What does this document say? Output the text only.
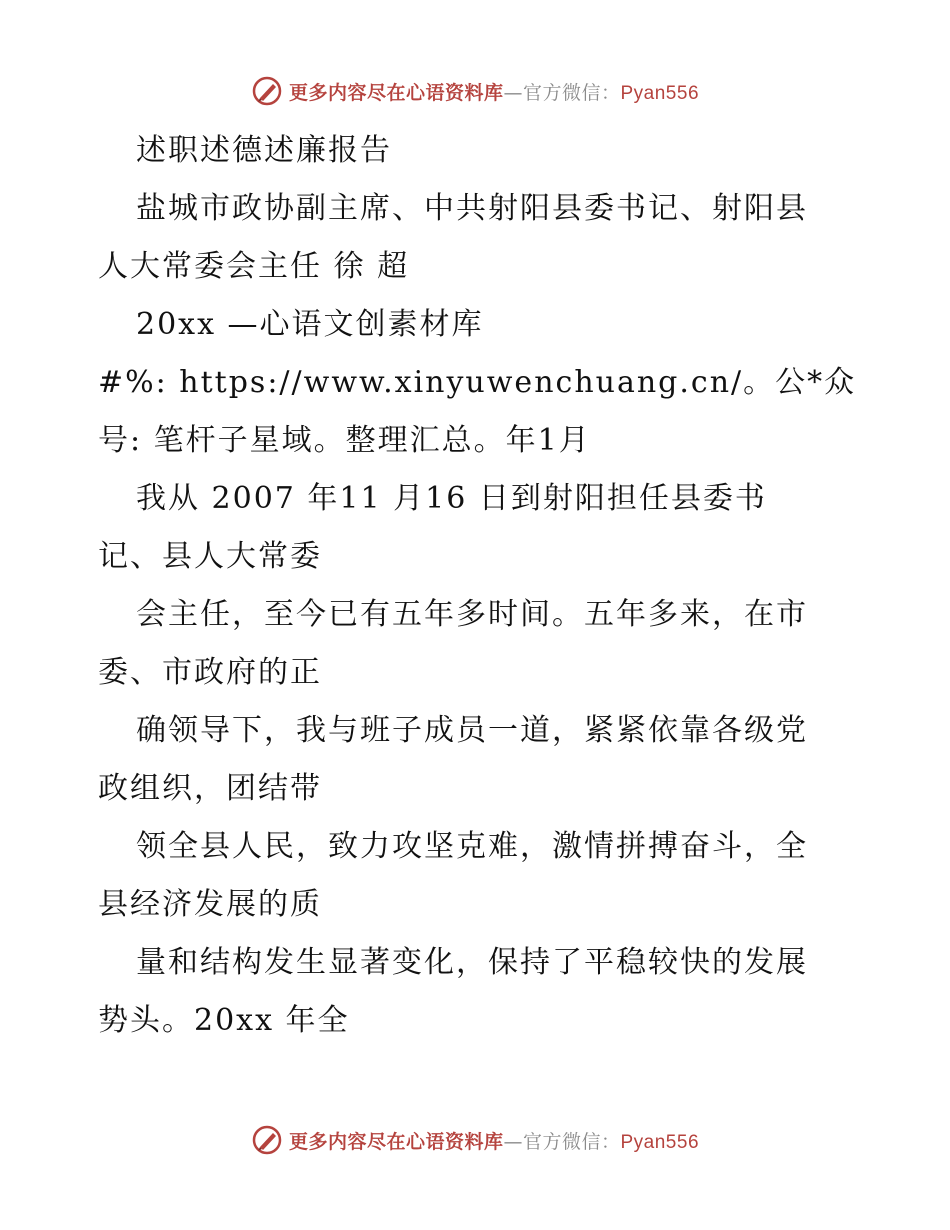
更多内容尽在心语资料库—官方微信：Pyan556
述职述德述廉报告
盐城市政协副主席、中共射阳县委书记、射阳县
人大常委会主任 徐 超
20xx —心语文创素材库
#%: https://www.xinyuwenchuang.cn/。公*众
号: 笔杆子星域。整理汇总。年1月
我从 2007 年11 月16 日到射阳担任县委书
记、县人大常委
会主任，至今已有五年多时间。五年多来，在市
委、市政府的正
确领导下，我与班子成员一道，紧紧依靠各级党
政组织，团结带
领全县人民，致力攻坚克难，激情拼搏奋斗，全
县经济发展的质
量和结构发生显著变化，保持了平稳较快的发展
势头。20xx 年全
更多内容尽在心语资料库—官方微信：Pyan556
